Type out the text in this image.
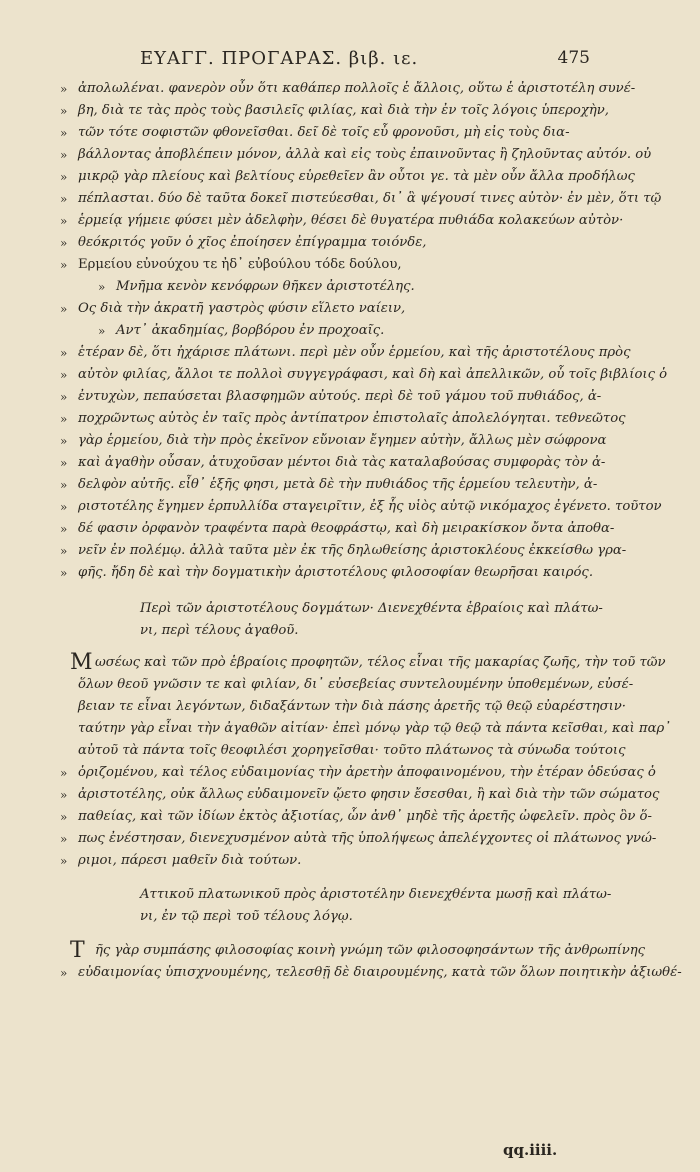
ΕΥΑΓΓ. ΠΡΟΓΑΡΑΣ. βιβ. ιε.	475
» ἀπολωλέναι. φανερὸν οὖν ὅτι καθάπερ πολλοῖς ἑ ἄλλοις, οὕτω ἑ ἀριστοτέλη συνέ-
» βη, διὰ τε τὰς πρὸς τοὺς βασιλεῖς φιλίας, καὶ διὰ τὴν ἐν τοῖς λόγοις ὑπεροχὴν,
» τῶν τότε σοφιστῶν φθονεῖσθαι. δεῖ δὲ τοῖς εὖ φρονοῦσι, μὴ εἰς τοὺς δια-
» βάλλοντας ἀποβλέπειν μόνον, ἀλλὰ καὶ εἰς τοὺς ἐπαινοῦντας ἢ ζηλοῦντας αὐτόν. οὐ
» μικρῷ γὰρ πλείους καὶ βελτίους εὑρεθεῖεν ἂν οὗτοι γε. τὰ μὲν οὖν ἄλλα προδήλως
» πέπλασται. δύο δὲ ταῦτα δοκεῖ πιστεύεσθαι, δι᾽ ἃ ψέγουσί τινες αὐτὸν· ἐν μὲν, ὅτι τῷ
» ἑρμείᾳ γήμειε φύσει μὲν ἀδελφὴν, θέσει δὲ θυγατέρα πυθιάδα κολακεύων αὐτὸν·
» θεόκριτός γοῦν ὁ χῖος ἐποίησεν ἐπίγραμμα τοιόνδε,
» Ερμείου εὐνούχου τε ἠδ᾽ εὐβούλου τόδε δούλου,
» Μνῆμα κενὸν κενόφρων θῆκεν ἀριστοτέλης.
» Ος διὰ τὴν ἀκρατῆ γαστρὸς φύσιν εἵλετο ναίειν,
» Αντ᾽ ἀκαδημίας, βορβόρου ἐν προχοαῖς.
» ἑτέραν δὲ, ὅτι ἠχάρισε πλάτωνι. περὶ μὲν οὖν ἑρμείου, καὶ τῆς ἀριστοτέλους πρὸς
» αὐτὸν φιλίας, ἄλλοι τε πολλοὶ συγγεγράφασι, καὶ δὴ καὶ ἀπελλικῶν, οὗ τοῖς βιβλίοις ὁ
» ἐντυχὼν, πεπαύσεται βλασφημῶν αὐτούς. περὶ δὲ τοῦ γάμου τοῦ πυθιάδος, ἀ-
» ποχρῶντως αὐτὸς ἐν ταῖς πρὸς ἀντίπατρον ἐπιστολαῖς ἀπολελόγηται. τεθνεῶτος
» γὰρ ἑρμείου, διὰ τὴν πρὸς ἐκεῖνον εὔνοιαν ἔγημεν αὐτὴν, ἄλλως μὲν σώφρονα
» καὶ ἀγαθὴν οὖσαν, ἀτυχοῦσαν μέντοι διὰ τὰς καταλαβούσας συμφορὰς τὸν ἀ-
» δελφὸν αὐτῆς. εἶθ᾽ ἑξῆς φησι, μετὰ δὲ τὴν πυθιάδος τῆς ἑρμείου τελευτὴν, ἀ-
» ριστοτέλης ἔγημεν ἑρπυλλίδα σταγειρῖτιν, ἐξ ἧς υἱὸς αὐτῷ νικόμαχος ἐγένετο. τοῦτον
» δέ φασιν ὀρφανὸν τραφέντα παρὰ θεοφράστῳ, καὶ δὴ μειρακίσκον ὄντα ἀποθα-
» νεῖν ἐν πολέμῳ. ἀλλὰ ταῦτα μὲν ἐκ τῆς δηλωθείσης ἀριστοκλέους ἐκκείσθω γρα-
» φῆς. ἤδη δὲ καὶ τὴν δογματικὴν ἀριστοτέλους φιλοσοφίαν θεωρῆσαι καιρός.
Περὶ τῶν ἀριστοτέλους δογμάτων· Διενεχθέντα ἑβραίοις καὶ πλάτω-
νι, περὶ τέλους ἀγαθοῦ.
Μ ωσέως καὶ τῶν πρὸ ἑβραίοις προφητῶν, τέλος εἶναι τῆς μακαρίας ζωῆς, τὴν τοῦ τῶν
ὅλων θεοῦ γνῶσιν τε καὶ φιλίαν, δι᾽ εὐσεβείας συντελουμένην ὑποθεμένων, εὐσέ-
βειαν τε εἶναι λεγόντων, διδαξάντων τὴν διὰ πάσης ἀρετῆς τῷ θεῷ εὐαρέστησιν·
ταύτην γὰρ εἶναι τὴν ἀγαθῶν αἰτίαν· ἐπεὶ μόνῳ γὰρ τῷ θεῷ τὰ πάντα κεῖσθαι, καὶ παρ᾽
αὐτοῦ τὰ πάντα τοῖς θεοφιλέσι χορηγεῖσθαι· τοῦτο πλάτωνος τὰ σύνωδα τούτοις
» ὁριζομένου, καὶ τέλος εὐδαιμονίας τὴν ἀρετὴν ἀποφαινομένου, τὴν ἑτέραν ὁδεύσας ὁ
» ἀριστοτέλης, οὐκ ἄλλως εὐδαιμονεῖν ᾤετο φησιν ἔσεσθαι, ἢ καὶ διὰ τὴν τῶν σώματος
» παθείας, καὶ τῶν ἰδίων ἐκτὸς ἀξιοτίας, ὧν ἀνθ᾽ μηδὲ τῆς ἀρετῆς ὠφελεῖν. πρὸς ὃν ὅ-
» πως ἐνέστησαν, διενεχυσμένον αὐτὰ τῆς ὑπολήψεως ἀπελέγχοντες οἱ πλάτωνος γνώ-
» ριμοι, πάρεσι μαθεῖν διὰ τούτων.
Αττικοῦ πλατωνικοῦ πρὸς ἀριστοτέλην διενεχθέντα μωσῇ καὶ πλάτω-
νι, ἐν τῷ περὶ τοῦ τέλους λόγῳ.
Τ ῆς γὰρ συμπάσης φιλοσοφίας κοινὴ γνώμη τῶν φιλοσοφησάντων τῆς ἀνθρωπίνης
» εὐδαιμονίας ὑπισχνουμένης, τελεσθῇ δὲ διαιρουμένης, κατὰ τῶν ὅλων ποιητικὴν ἀξιωθέ-
qq.iiii.
